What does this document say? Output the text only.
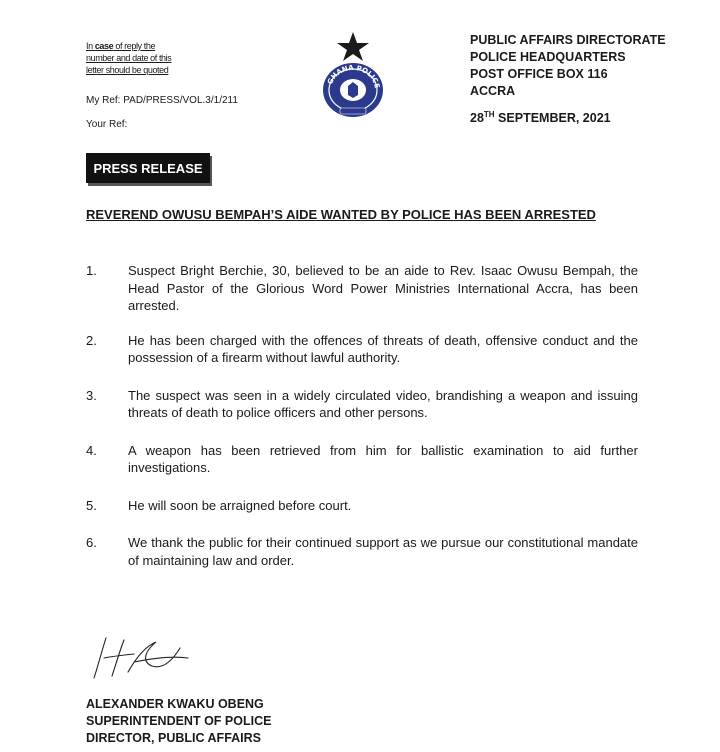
In case of reply the
number and date of this
letter should be quoted
My Ref: PAD/PRESS/VOL.3/1/211
Your Ref:
GHANA POLICE
PUBLIC AFFAIRS DIRECTORATE
POLICE HEADQUARTERS
POST OFFICE BOX 116
ACCRA
28TH SEPTEMBER, 2021
PRESS RELEASE
REVEREND OWUSU BEMPAH’S AIDE WANTED BY POLICE HAS BEEN ARRESTED
1. Suspect Bright Berchie, 30, believed to be an aide to Rev. Isaac Owusu Bempah, the Head Pastor of the Glorious Word Power Ministries International Accra, has been arrested.
2. He has been charged with the offences of threats of death, offensive conduct and the possession of a firearm without lawful authority.
3. The suspect was seen in a widely circulated video, brandishing a weapon and issuing threats of death to police officers and other persons.
4. A weapon has been retrieved from him for ballistic examination to aid further investigations.
5. He will soon be arraigned before court.
6. We thank the public for their continued support as we pursue our constitutional mandate of maintaining law and order.
ALEXANDER KWAKU OBENG
SUPERINTENDENT OF POLICE
DIRECTOR, PUBLIC AFFAIRS
